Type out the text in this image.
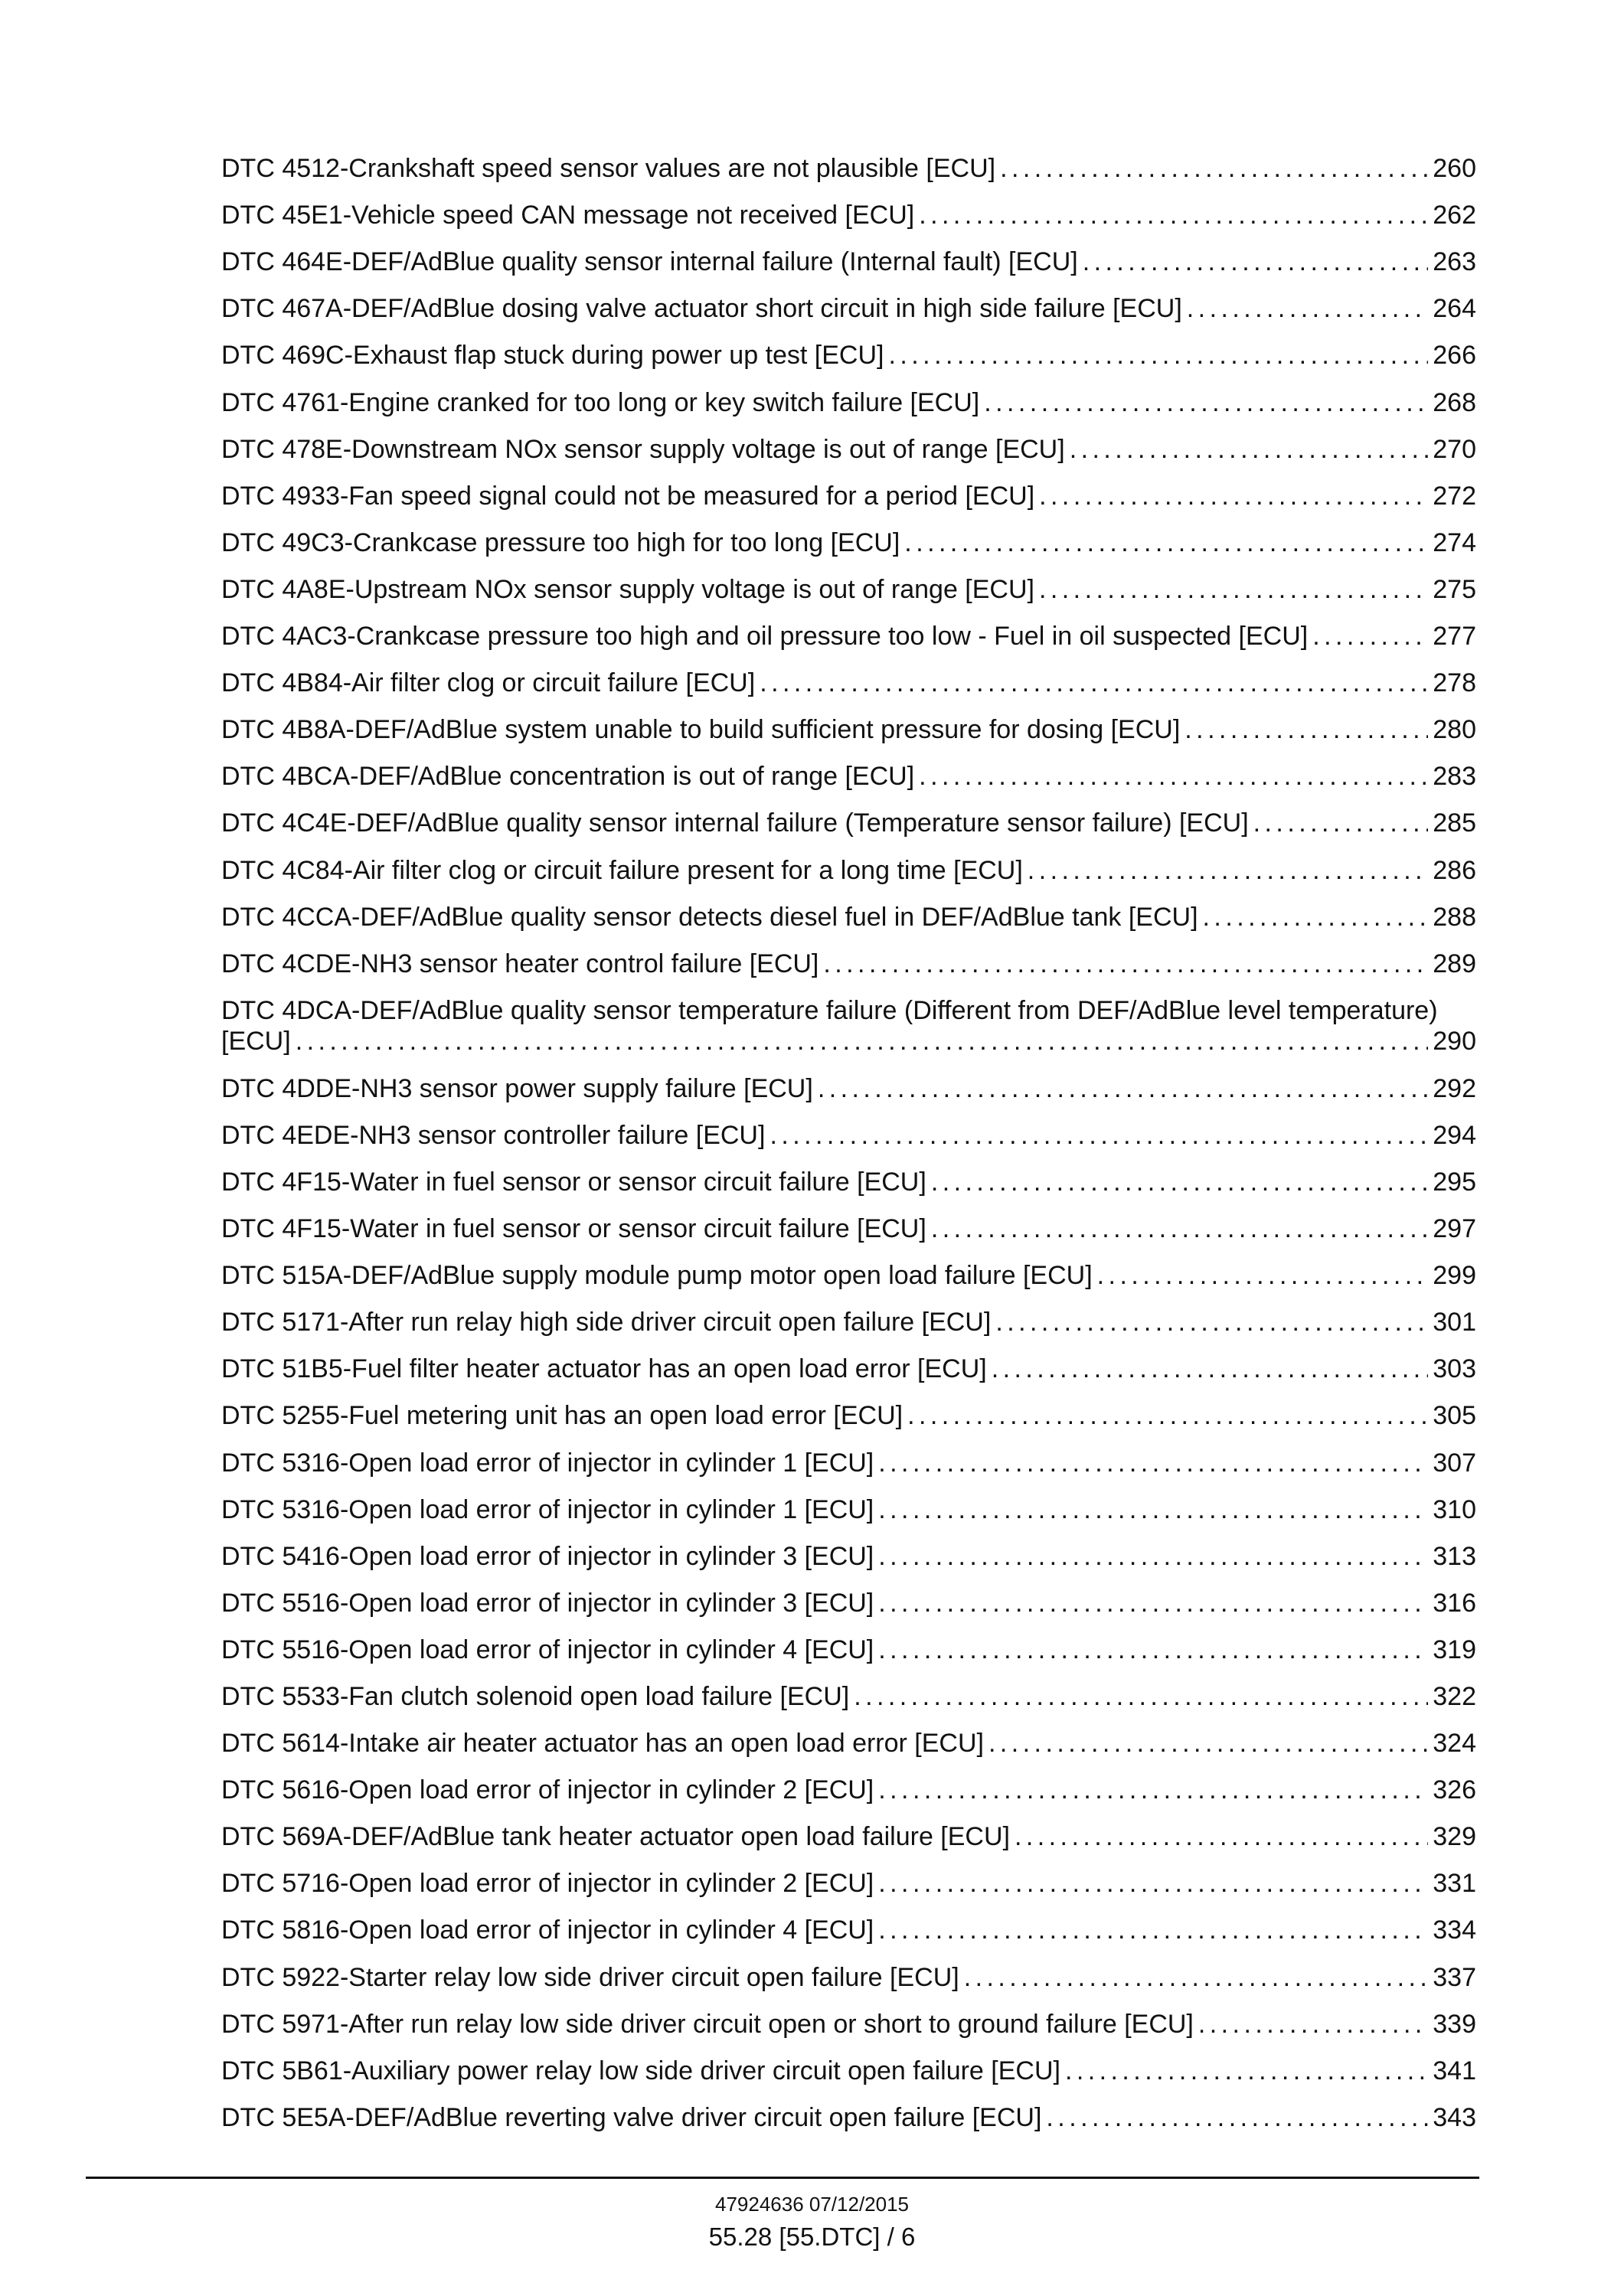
DTC 4512-Crankshaft speed sensor values are not plausible [ECU] . . .	260
DTC 45E1-Vehicle speed CAN message not received [ECU] . . .	262
DTC 464E-DEF/AdBlue quality sensor internal failure (Internal fault) [ECU] . . .	263
DTC 467A-DEF/AdBlue dosing valve actuator short circuit in high side failure [ECU] . . .	264
DTC 469C-Exhaust flap stuck during power up test [ECU] . . .	266
DTC 4761-Engine cranked for too long or key switch failure [ECU] . . .	268
DTC 478E-Downstream NOx sensor supply voltage is out of range [ECU] . . .	270
DTC 4933-Fan speed signal could not be measured for a period [ECU] . . .	272
DTC 49C3-Crankcase pressure too high for too long [ECU] . . .	274
DTC 4A8E-Upstream NOx sensor supply voltage is out of range [ECU] . . .	275
DTC 4AC3-Crankcase pressure too high and oil pressure too low - Fuel in oil suspected [ECU] . . .	277
DTC 4B84-Air filter clog or circuit failure [ECU] . . .	278
DTC 4B8A-DEF/AdBlue system unable to build sufficient pressure for dosing [ECU] . . .	280
DTC 4BCA-DEF/AdBlue concentration is out of range [ECU] . . .	283
DTC 4C4E-DEF/AdBlue quality sensor internal failure (Temperature sensor failure) [ECU] . . .	285
DTC 4C84-Air filter clog or circuit failure present for a long time [ECU] . . .	286
DTC 4CCA-DEF/AdBlue quality sensor detects diesel fuel in DEF/AdBlue tank [ECU] . . .	288
DTC 4CDE-NH3 sensor heater control failure [ECU] . . .	289
DTC 4DCA-DEF/AdBlue quality sensor temperature failure (Different from DEF/AdBlue level temperature)
[ECU] . . .	290
DTC 4DDE-NH3 sensor power supply failure [ECU] . . .	292
DTC 4EDE-NH3 sensor controller failure [ECU] . . .	294
DTC 4F15-Water in fuel sensor or sensor circuit failure [ECU] . . .	295
DTC 4F15-Water in fuel sensor or sensor circuit failure [ECU] . . .	297
DTC 515A-DEF/AdBlue supply module pump motor open load failure [ECU] . . .	299
DTC 5171-After run relay high side driver circuit open failure [ECU] . . .	301
DTC 51B5-Fuel filter heater actuator has an open load error [ECU] . . .	303
DTC 5255-Fuel metering unit has an open load error [ECU] . . .	305
DTC 5316-Open load error of injector in cylinder 1 [ECU] . . .	307
DTC 5316-Open load error of injector in cylinder 1 [ECU] . . .	310
DTC 5416-Open load error of injector in cylinder 3 [ECU] . . .	313
DTC 5516-Open load error of injector in cylinder 3 [ECU] . . .	316
DTC 5516-Open load error of injector in cylinder 4 [ECU] . . .	319
DTC 5533-Fan clutch solenoid open load failure [ECU] . . .	322
DTC 5614-Intake air heater actuator has an open load error [ECU] . . .	324
DTC 5616-Open load error of injector in cylinder 2 [ECU] . . .	326
DTC 569A-DEF/AdBlue tank heater actuator open load failure [ECU] . . .	329
DTC 5716-Open load error of injector in cylinder 2 [ECU] . . .	331
DTC 5816-Open load error of injector in cylinder 4 [ECU] . . .	334
DTC 5922-Starter relay low side driver circuit open failure [ECU] . . .	337
DTC 5971-After run relay low side driver circuit open or short to ground failure [ECU] . . .	339
DTC 5B61-Auxiliary power relay low side driver circuit open failure [ECU] . . .	341
DTC 5E5A-DEF/AdBlue reverting valve driver circuit open failure [ECU] . . .	343
47924636 07/12/2015
55.28 [55.DTC] / 6
